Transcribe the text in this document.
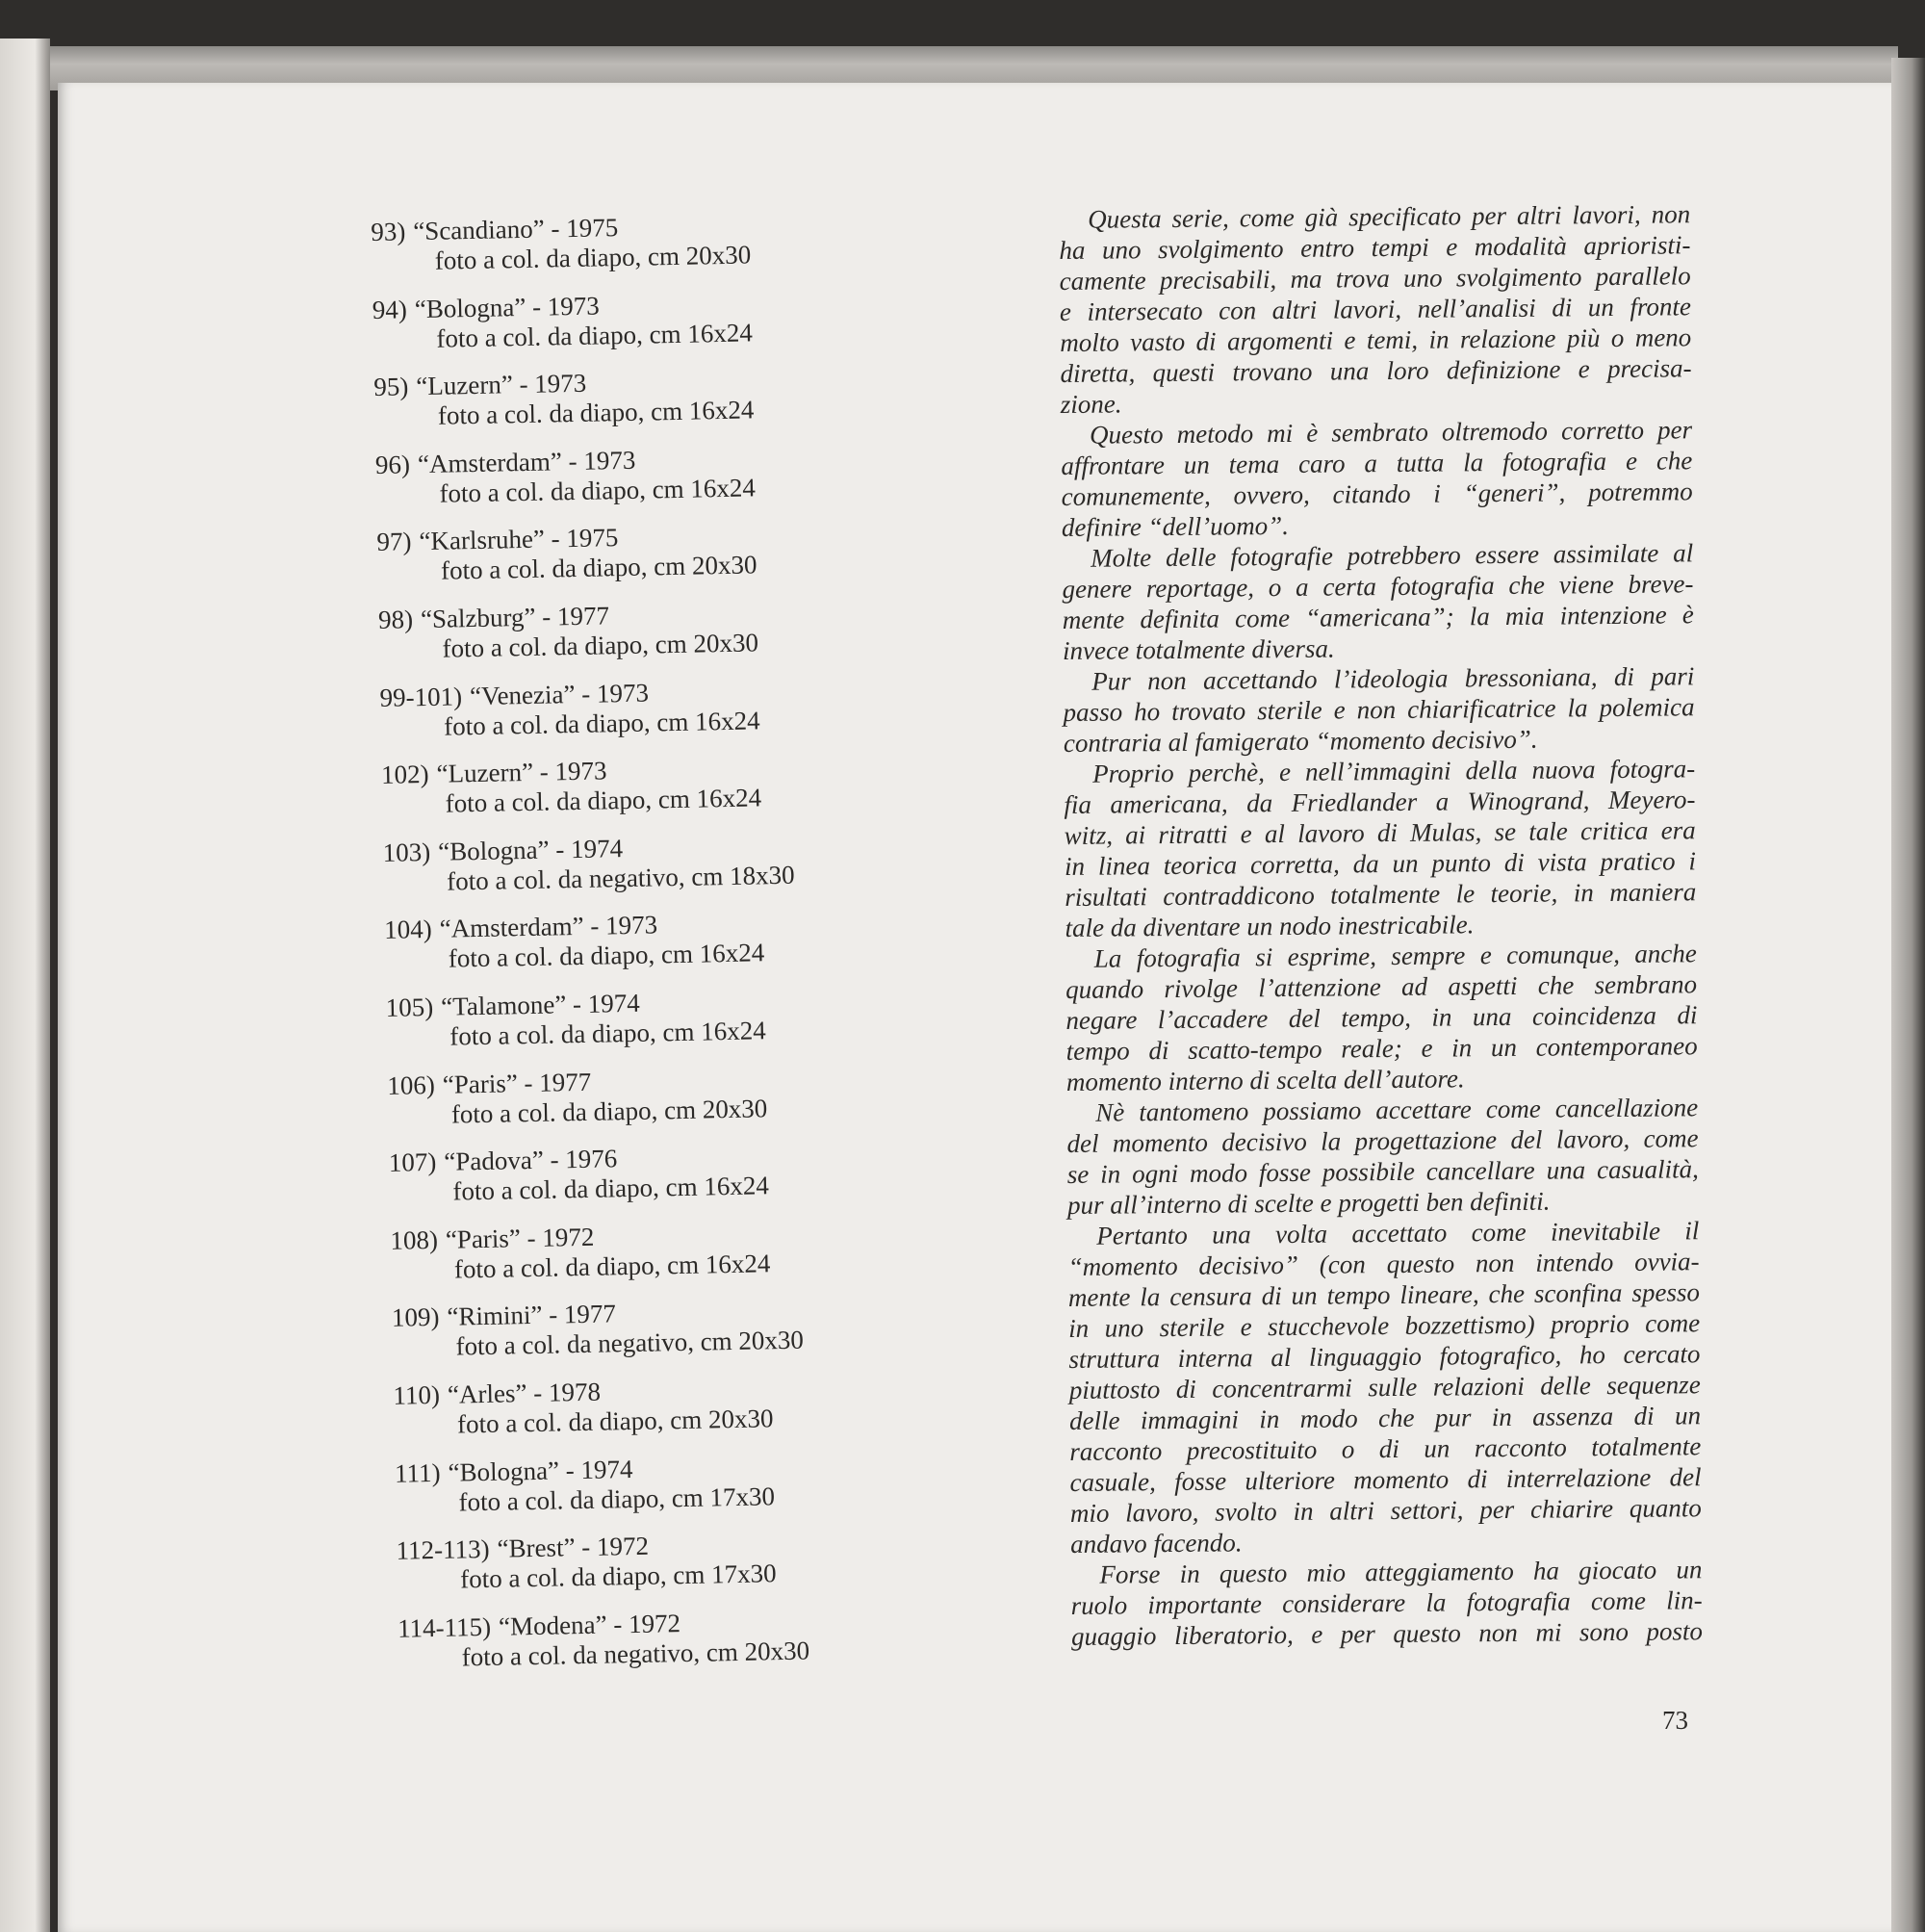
93) “Scandiano” - 1975
foto a col. da diapo, cm 20x30
94) “Bologna” - 1973
foto a col. da diapo, cm 16x24
95) “Luzern” - 1973
foto a col. da diapo, cm 16x24
96) “Amsterdam” - 1973
foto a col. da diapo, cm 16x24
97) “Karlsruhe” - 1975
foto a col. da diapo, cm 20x30
98) “Salzburg” - 1977
foto a col. da diapo, cm 20x30
99-101) “Venezia” - 1973
foto a col. da diapo, cm 16x24
102) “Luzern” - 1973
foto a col. da diapo, cm 16x24
103) “Bologna” - 1974
foto a col. da negativo, cm 18x30
104) “Amsterdam” - 1973
foto a col. da diapo, cm 16x24
105) “Talamone” - 1974
foto a col. da diapo, cm 16x24
106) “Paris” - 1977
foto a col. da diapo, cm 20x30
107) “Padova” - 1976
foto a col. da diapo, cm 16x24
108) “Paris” - 1972
foto a col. da diapo, cm 16x24
109) “Rimini” - 1977
foto a col. da negativo, cm 20x30
110) “Arles” - 1978
foto a col. da diapo, cm 20x30
111) “Bologna” - 1974
foto a col. da diapo, cm 17x30
112-113) “Brest” - 1972
foto a col. da diapo, cm 17x30
114-115) “Modena” - 1972
foto a col. da negativo, cm 20x30
Questa serie, come già specificato per altri lavori, non
ha uno svolgimento entro tempi e modalità aprioristi-
camente precisabili, ma trova uno svolgimento parallelo
e intersecato con altri lavori, nell’analisi di un fronte
molto vasto di argomenti e temi, in relazione più o meno
diretta, questi trovano una loro definizione e precisa-
zione.
Questo metodo mi è sembrato oltremodo corretto per
affrontare un tema caro a tutta la fotografia e che
comunemente, ovvero, citando i “generi”, potremmo
definire “dell’uomo”.
Molte delle fotografie potrebbero essere assimilate al
genere reportage, o a certa fotografia che viene breve-
mente definita come “americana”; la mia intenzione è
invece totalmente diversa.
Pur non accettando l’ideologia bressoniana, di pari
passo ho trovato sterile e non chiarificatrice la polemica
contraria al famigerato “momento decisivo”.
Proprio perchè, e nell’immagini della nuova fotogra-
fia americana, da Friedlander a Winogrand, Meyero-
witz, ai ritratti e al lavoro di Mulas, se tale critica era
in linea teorica corretta, da un punto di vista pratico i
risultati contraddicono totalmente le teorie, in maniera
tale da diventare un nodo inestricabile.
La fotografia si esprime, sempre e comunque, anche
quando rivolge l’attenzione ad aspetti che sembrano
negare l’accadere del tempo, in una coincidenza di
tempo di scatto-tempo reale; e in un contemporaneo
momento interno di scelta dell’autore.
Nè tantomeno possiamo accettare come cancellazione
del momento decisivo la progettazione del lavoro, come
se in ogni modo fosse possibile cancellare una casualità,
pur all’interno di scelte e progetti ben definiti.
Pertanto una volta accettato come inevitabile il
“momento decisivo” (con questo non intendo ovvia-
mente la censura di un tempo lineare, che sconfina spesso
in uno sterile e stucchevole bozzettismo) proprio come
struttura interna al linguaggio fotografico, ho cercato
piuttosto di concentrarmi sulle relazioni delle sequenze
delle immagini in modo che pur in assenza di un
racconto precostituito o di un racconto totalmente
casuale, fosse ulteriore momento di interrelazione del
mio lavoro, svolto in altri settori, per chiarire quanto
andavo facendo.
Forse in questo mio atteggiamento ha giocato un
ruolo importante considerare la fotografia come lin-
guaggio liberatorio, e per questo non mi sono posto
73
